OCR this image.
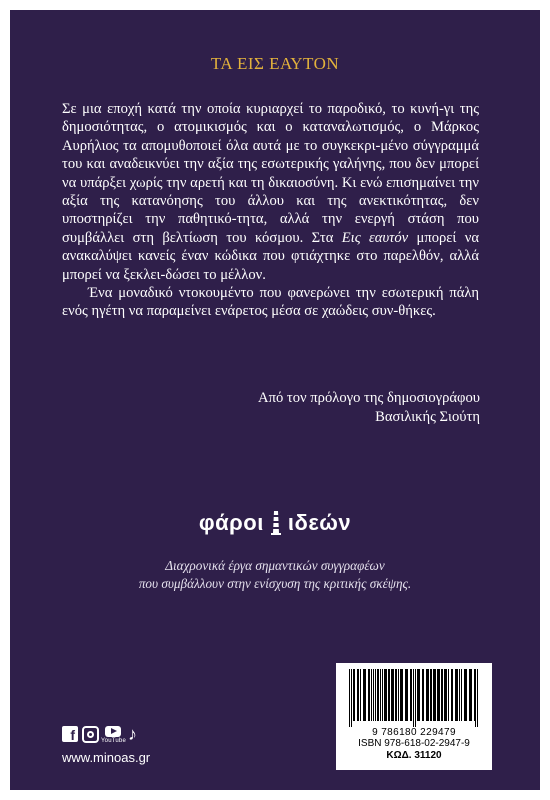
ΤΑ ΕΙΣ ΕΑΥΤΟΝ

Σε μια εποχή κατά την οποία κυριαρχεί το παροδικό, το κυνή-γι της δημοσιότητας, ο ατομικισμός και ο καταναλωτισμός, ο Μάρκος Αυρήλιος τα απομυθοποιεί όλα αυτά με το συγκεκρι-μένο σύγγραμμά του και αναδεικνύει την αξία της εσωτερικής γαλήνης, που δεν μπορεί να υπάρξει χωρίς την αρετή και τη δικαιοσύνη. Κι ενώ επισημαίνει την αξία της κατανόησης του άλλου και της ανεκτικότητας, δεν υποστηρίζει την παθητικό-τητα, αλλά την ενεργή στάση που συμβάλλει στη βελτίωση του κόσμου. Στα Εις εαυτόν μπορεί να ανακαλύψει κανείς έναν κώδικα που φτιάχτηκε στο παρελθόν, αλλά μπορεί να ξεκλει-δώσει το μέλλον.

Ένα μοναδικό ντοκουμέντο που φανερώνει την εσωτερική πάλη ενός ηγέτη να παραμείνει ενάρετος μέσα σε χαώδεις συν-θήκες.

Από τον πρόλογο της δημοσιογράφου
Βασιλικής Σιούτη
φάροι ιδεών
Διαχρονικά έργα σημαντικών συγγραφέων
που συμβάλλουν στην ενίσχυση της κριτικής σκέψης.
f	YouTube ♪
www.minoas.gr
9 786180 229479
ISBN 978-618-02-2947-9
ΚΩΔ. 31120
